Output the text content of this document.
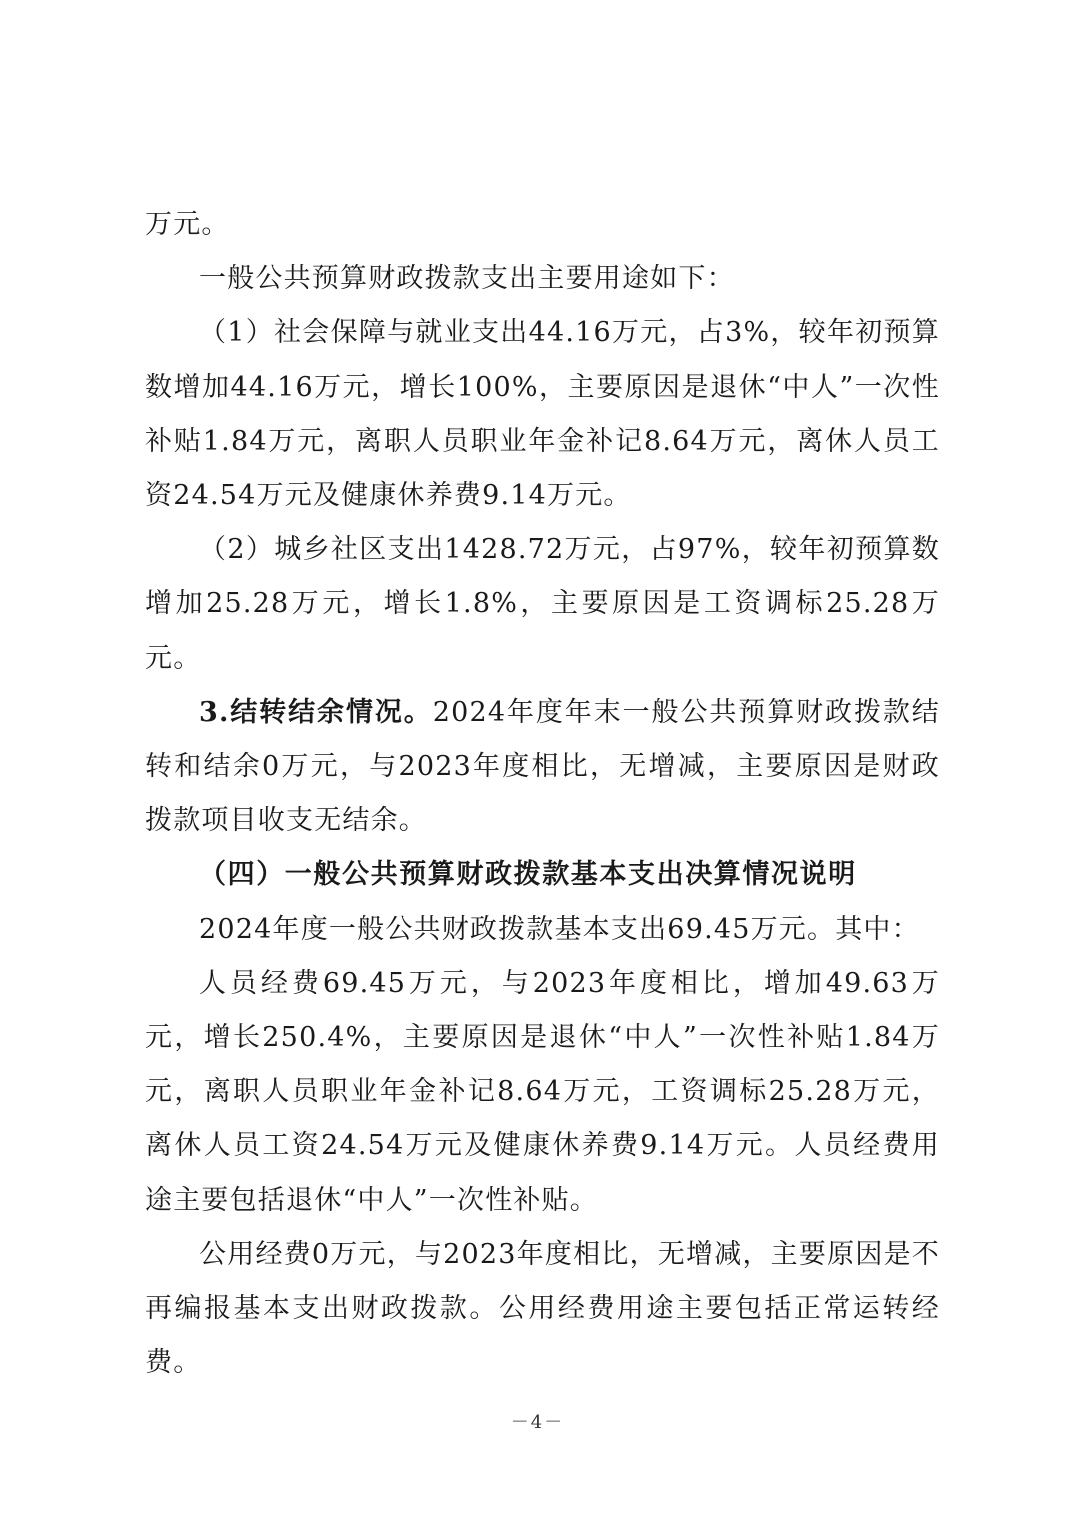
万元。

一般公共预算财政拨款支出主要用途如下：

（1）社会保障与就业支出44.16万元，占3%，较年初预算数增加44.16万元，增长100%，主要原因是退休“中人”一次性补贴1.84万元，离职人员职业年金补记8.64万元，离休人员工资24.54万元及健康休养费9.14万元。

（2）城乡社区支出1428.72万元，占97%，较年初预算数增加25.28万元，增长1.8%，主要原因是工资调标25.28万元。

3.结转结余情况。2024年度年末一般公共预算财政拨款结转和结余0万元，与2023年度相比，无增减，主要原因是财政拨款项目收支无结余。

（四）一般公共预算财政拨款基本支出决算情况说明

2024年度一般公共财政拨款基本支出69.45万元。其中：

人员经费69.45万元，与2023年度相比，增加49.63万元，增长250.4%，主要原因是退休“中人”一次性补贴1.84万元，离职人员职业年金补记8.64万元，工资调标25.28万元，离休人员工资24.54万元及健康休养费9.14万元。人员经费用途主要包括退休“中人”一次性补贴。

公用经费0万元，与2023年度相比，无增减，主要原因是不再编报基本支出财政拨款。公用经费用途主要包括正常运转经费。

－4－
